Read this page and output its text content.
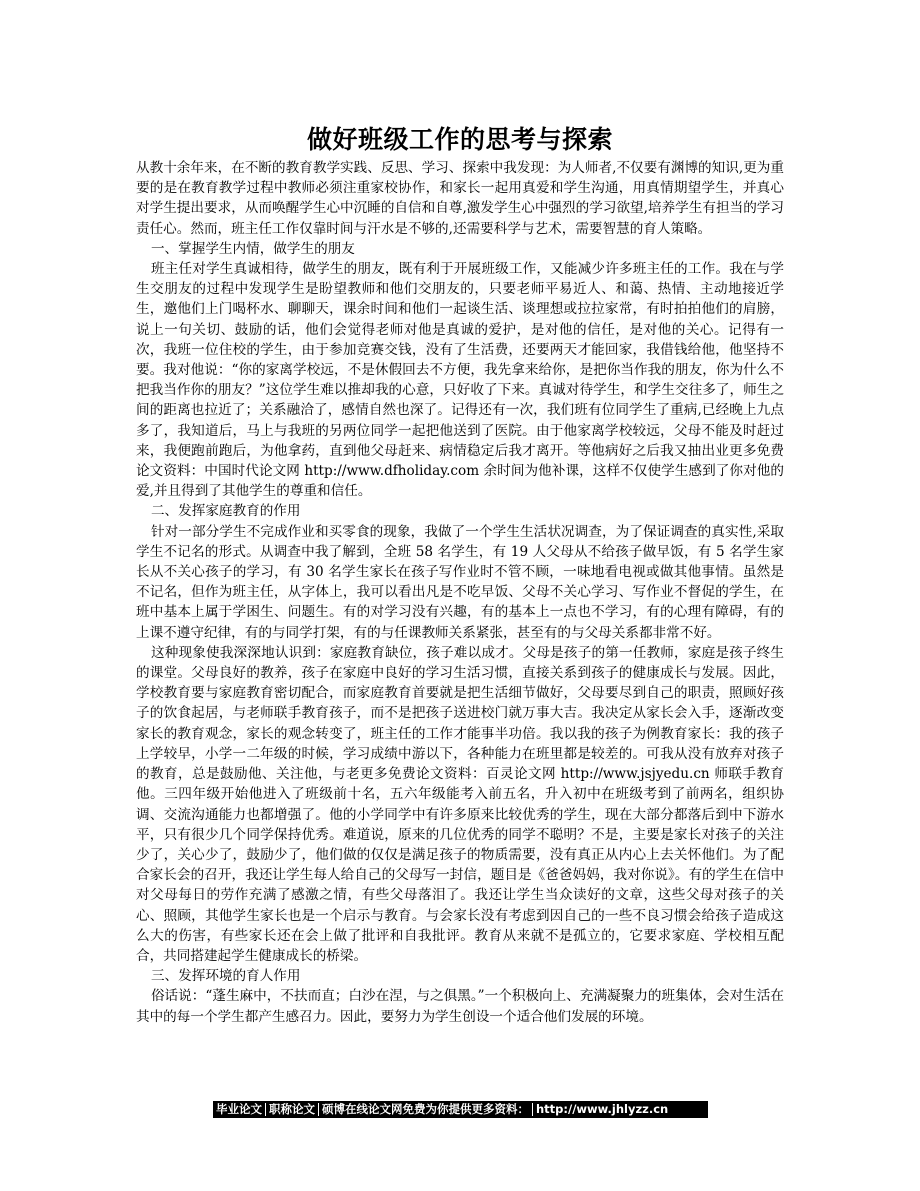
做好班级工作的思考与探索

从教十余年来，在不断的教育教学实践、反思、学习、探索中我发现：为人师者,不仅要有渊博的知识,更为重要的是在教育教学过程中教师必须注重家校协作，和家长一起用真爱和学生沟通，用真情期望学生，并真心对学生提出要求，从而唤醒学生心中沉睡的自信和自尊,激发学生心中强烈的学习欲望,培养学生有担当的学习责任心。然而，班主任工作仅靠时间与汗水是不够的,还需要科学与艺术，需要智慧的育人策略。

一、掌握学生内情，做学生的朋友

班主任对学生真诚相待，做学生的朋友，既有利于开展班级工作，又能减少许多班主任的工作。我在与学生交朋友的过程中发现学生是盼望教师和他们交朋友的，只要老师平易近人、和蔼、热情、主动地接近学生，邀他们上门喝杯水、聊聊天，课余时间和他们一起谈生活、谈理想或拉拉家常，有时拍拍他们的肩膀，说上一句关切、鼓励的话，他们会觉得老师对他是真诚的爱护，是对他的信任，是对他的关心。记得有一次，我班一位住校的学生，由于参加竞赛交钱，没有了生活费，还要两天才能回家，我借钱给他，他坚持不要。我对他说：“你的家离学校远，不是休假回去不方便，我先拿来给你，是把你当作我的朋友，你为什么不把我当作你的朋友？”这位学生难以推却我的心意，只好收了下来。真诚对待学生，和学生交往多了，师生之间的距离也拉近了；关系融洽了，感情自然也深了。记得还有一次，我们班有位同学生了重病,已经晚上九点多了，我知道后，马上与我班的另两位同学一起把他送到了医院。由于他家离学校较远，父母不能及时赶过来，我便跑前跑后，为他拿药，直到他父母赶来、病情稳定后我才离开。等他病好之后我又抽出业更多免费论文资料：中国时代论文网 http://www.dfholiday.com 余时间为他补课，这样不仅使学生感到了你对他的爱,并且得到了其他学生的尊重和信任。

二、发挥家庭教育的作用

针对一部分学生不完成作业和买零食的现象，我做了一个学生生活状况调查，为了保证调查的真实性,采取学生不记名的形式。从调查中我了解到，全班 58 名学生，有 19 人父母从不给孩子做早饭，有 5 名学生家长从不关心孩子的学习，有 30 名学生家长在孩子写作业时不管不顾，一味地看电视或做其他事情。虽然是不记名，但作为班主任，从字体上，我可以看出凡是不吃早饭、父母不关心学习、写作业不督促的学生，在班中基本上属于学困生、问题生。有的对学习没有兴趣，有的基本上一点也不学习，有的心理有障碍，有的上课不遵守纪律，有的与同学打架，有的与任课教师关系紧张，甚至有的与父母关系都非常不好。

这种现象使我深深地认识到：家庭教育缺位，孩子难以成才。父母是孩子的第一任教师，家庭是孩子终生的课堂。父母良好的教养，孩子在家庭中良好的学习生活习惯，直接关系到孩子的健康成长与发展。因此，学校教育要与家庭教育密切配合，而家庭教育首要就是把生活细节做好，父母要尽到自己的职责，照顾好孩子的饮食起居，与老师联手教育孩子，而不是把孩子送进校门就万事大吉。我决定从家长会入手，逐渐改变家长的教育观念，家长的观念转变了，班主任的工作才能事半功倍。我以我的孩子为例教育家长：我的孩子上学较早，小学一二年级的时候，学习成绩中游以下，各种能力在班里都是较差的。可我从没有放弃对孩子的教育，总是鼓励他、关注他，与老更多免费论文资料：百灵论文网 http://www.jsjyedu.cn 师联手教育他。三四年级开始他进入了班级前十名，五六年级能考入前五名，升入初中在班级考到了前两名，组织协调、交流沟通能力也都增强了。他的小学同学中有许多原来比较优秀的学生，现在大部分都落后到中下游水平，只有很少几个同学保持优秀。难道说，原来的几位优秀的同学不聪明？不是，主要是家长对孩子的关注少了，关心少了，鼓励少了，他们做的仅仅是满足孩子的物质需要，没有真正从内心上去关怀他们。为了配合家长会的召开，我还让学生每人给自己的父母写一封信，题目是《爸爸妈妈，我对你说》。有的学生在信中对父母每日的劳作充满了感激之情，有些父母落泪了。我还让学生当众读好的文章，这些父母对孩子的关心、照顾，其他学生家长也是一个启示与教育。与会家长没有考虑到因自己的一些不良习惯会给孩子造成这么大的伤害，有些家长还在会上做了批评和自我批评。教育从来就不是孤立的，它要求家庭、学校相互配合，共同搭建起学生健康成长的桥梁。

三、发挥环境的育人作用

俗话说：“蓬生麻中，不扶而直；白沙在涅，与之俱黑。”一个积极向上、充满凝聚力的班集体，会对生活在其中的每一个学生都产生感召力。因此，要努力为学生创设一个适合他们发展的环境。

毕业论文 职称论文 硕博在线论文网免费为你提供更多资料： http://www.jhlyzz.cn
